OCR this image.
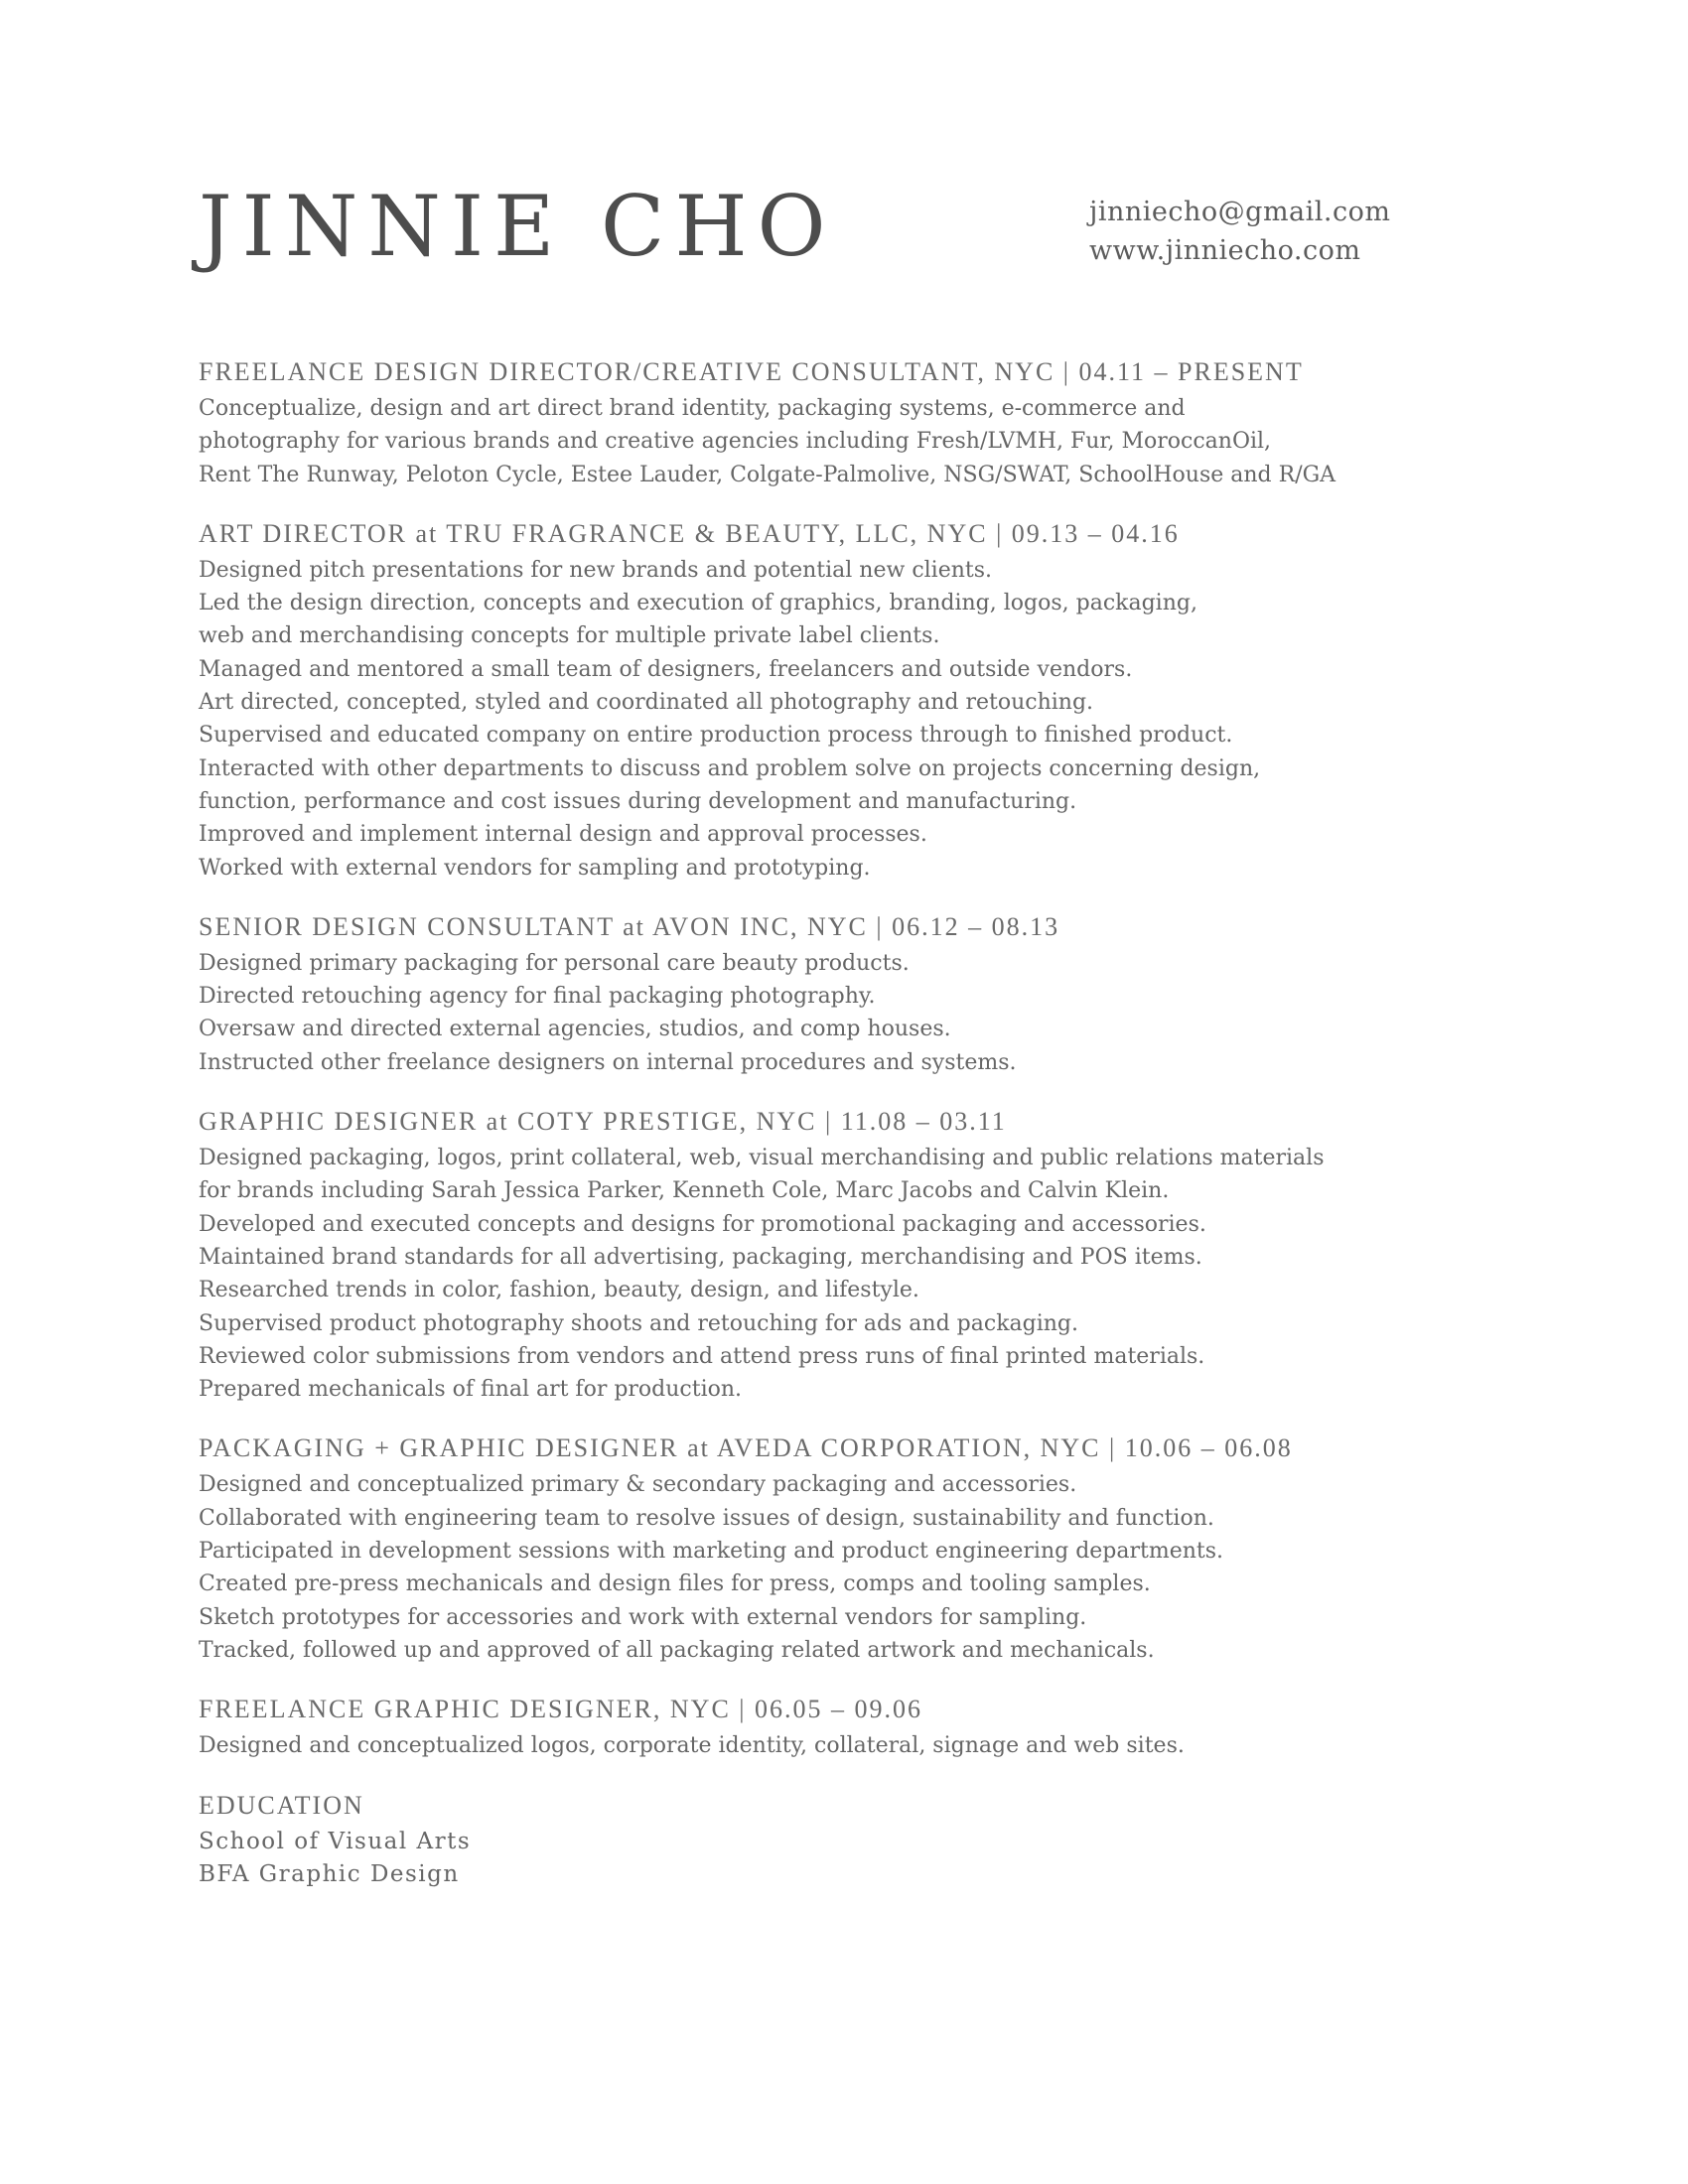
JINNIE CHO	jinniecho@gmail.com
www.jinniecho.com
FREELANCE DESIGN DIRECTOR/CREATIVE CONSULTANT, NYC | 04.11 – PRESENT
Conceptualize, design and art direct brand identity, packaging systems, e-commerce and
photography for various brands and creative agencies including Fresh/LVMH, Fur, MoroccanOil,
Rent The Runway, Peloton Cycle, Estee Lauder, Colgate-Palmolive, NSG/SWAT, SchoolHouse and R/GA
ART DIRECTOR at TRU FRAGRANCE & BEAUTY, LLC, NYC | 09.13 – 04.16
Designed pitch presentations for new brands and potential new clients.
Led the design direction, concepts and execution of graphics, branding, logos, packaging,
web and merchandising concepts for multiple private label clients.
Managed and mentored a small team of designers, freelancers and outside vendors.
Art directed, concepted, styled and coordinated all photography and retouching.
Supervised and educated company on entire production process through to finished product.
Interacted with other departments to discuss and problem solve on projects concerning design,
function, performance and cost issues during development and manufacturing.
Improved and implement internal design and approval processes.
Worked with external vendors for sampling and prototyping.
SENIOR DESIGN CONSULTANT at AVON INC, NYC | 06.12 – 08.13
Designed primary packaging for personal care beauty products.
Directed retouching agency for final packaging photography.
Oversaw and directed external agencies, studios, and comp houses.
Instructed other freelance designers on internal procedures and systems.
GRAPHIC DESIGNER at COTY PRESTIGE, NYC | 11.08 – 03.11
Designed packaging, logos, print collateral, web, visual merchandising and public relations materials
for brands including Sarah Jessica Parker, Kenneth Cole, Marc Jacobs and Calvin Klein.
Developed and executed concepts and designs for promotional packaging and accessories.
Maintained brand standards for all advertising, packaging, merchandising and POS items.
Researched trends in color, fashion, beauty, design, and lifestyle.
Supervised product photography shoots and retouching for ads and packaging.
Reviewed color submissions from vendors and attend press runs of final printed materials.
Prepared mechanicals of final art for production.
PACKAGING + GRAPHIC DESIGNER at AVEDA CORPORATION, NYC | 10.06 – 06.08
Designed and conceptualized primary & secondary packaging and accessories.
Collaborated with engineering team to resolve issues of design, sustainability and function.
Participated in development sessions with marketing and product engineering departments.
Created pre-press mechanicals and design files for press, comps and tooling samples.
Sketch prototypes for accessories and work with external vendors for sampling.
Tracked, followed up and approved of all packaging related artwork and mechanicals.
FREELANCE GRAPHIC DESIGNER, NYC | 06.05 – 09.06
Designed and conceptualized logos, corporate identity, collateral, signage and web sites.
EDUCATION
School of Visual Arts
BFA Graphic Design
